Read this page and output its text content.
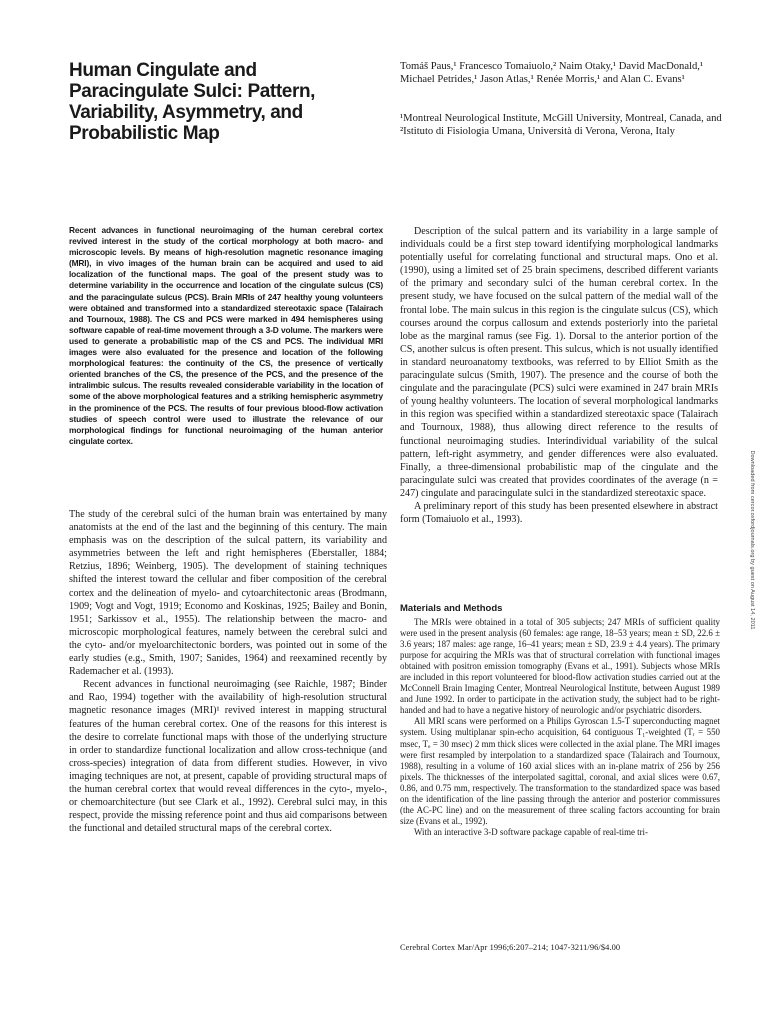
Human Cingulate and Paracingulate Sulci: Pattern, Variability, Asymmetry, and Probabilistic Map
Tomáš Paus,¹ Francesco Tomaiuolo,² Naim Otaky,¹ David MacDonald,¹ Michael Petrides,¹ Jason Atlas,¹ Renée Morris,¹ and Alan C. Evans¹
¹Montreal Neurological Institute, McGill University, Montreal, Canada, and ²Istituto di Fisiologia Umana, Università di Verona, Verona, Italy
Recent advances in functional neuroimaging of the human cerebral cortex revived interest in the study of the cortical morphology at both macro- and microscopic levels. By means of high-resolution magnetic resonance imaging (MRI), in vivo images of the human brain can be acquired and used to aid localization of the functional maps. The goal of the present study was to determine variability in the occurrence and location of the cingulate sulcus (CS) and the paracingulate sulcus (PCS). Brain MRIs of 247 healthy young volunteers were obtained and transformed into a standardized stereotaxic space (Talairach and Tournoux, 1988). The CS and PCS were marked in 494 hemispheres using software capable of real-time movement through a 3-D volume. The markers were used to generate a probabilistic map of the CS and PCS. The individual MRI images were also evaluated for the presence and location of the following morphological features: the continuity of the CS, the presence of vertically oriented branches of the CS, the presence of the PCS, and the presence of the intralimbic sulcus. The results revealed considerable variability in the location of some of the above morphological features and a striking hemispheric asymmetry in the prominence of the PCS. The results of four previous blood-flow activation studies of speech control were used to illustrate the relevance of our morphological findings for functional neuroimaging of the human anterior cingulate cortex.

The study of the cerebral sulci of the human brain was entertained by many anatomists at the end of the last and the beginning of this century. The main emphasis was on the description of the sulcal pattern, its variability and asymmetries between the left and right hemispheres (Eberstaller, 1884; Retzius, 1896; Weinberg, 1905). The development of staining techniques shifted the interest toward the cellular and fiber composition of the cerebral cortex and the delineation of myelo- and cytoarchitectonic areas (Brodmann, 1909; Vogt and Vogt, 1919; Economo and Koskinas, 1925; Bailey and Bonin, 1951; Sarkissov et al., 1955). The relationship between the macro- and microscopic morphological features, namely between the cerebral sulci and the cyto- and/or myeloarchitectonic borders, was pointed out in some of the early studies (e.g., Smith, 1907; Sanides, 1964) and reexamined recently by Rademacher et al. (1993).

Recent advances in functional neuroimaging (see Raichle, 1987; Binder and Rao, 1994) together with the availability of high-resolution structural magnetic resonance images (MRI)¹ revived interest in mapping structural features of the human cerebral cortex. One of the reasons for this interest is the desire to correlate functional maps with those of the underlying structure in order to standardize functional localization and allow cross-technique (and cross-species) integration of data from different studies. However, in vivo imaging techniques are not, at present, capable of providing structural maps of the human cerebral cortex that would reveal differences in the cyto-, myelo-, or chemoarchitecture (but see Clark et al., 1992). Cerebral sulci may, in this respect, provide the missing reference point and thus aid comparisons between the functional and detailed structural maps of the cerebral cortex.

Description of the sulcal pattern and its variability in a large sample of individuals could be a first step toward identifying morphological landmarks potentially useful for correlating functional and structural maps. Ono et al. (1990), using a limited set of 25 brain specimens, described different variants of the primary and secondary sulci of the human cerebral cortex. In the present study, we have focused on the sulcal pattern of the medial wall of the frontal lobe. The main sulcus in this region is the cingulate sulcus (CS), which courses around the corpus callosum and extends posteriorly into the parietal lobe as the marginal ramus (see Fig. 1). Dorsal to the anterior portion of the CS, another sulcus is often present. This sulcus, which is not usually identified in standard neuroanatomy textbooks, was referred to by Elliot Smith as the paracingulate sulcus (Smith, 1907). The presence and the course of both the cingulate and the paracingulate (PCS) sulci were examined in 247 brain MRIs of young healthy volunteers. The location of several morphological landmarks in this region was specified within a standardized stereotaxic space (Talairach and Tournoux, 1988), thus allowing direct reference to the results of functional neuroimaging studies. Interindividual variability of the sulcal pattern, left-right asymmetry, and gender differences were also evaluated. Finally, a three-dimensional probabilistic map of the cingulate and the paracingulate sulci was created that provides coordinates of the average (n = 247) cingulate and paracingulate sulci in the standardized stereotaxic space.

A preliminary report of this study has been presented elsewhere in abstract form (Tomaiuolo et al., 1993).

Materials and Methods

The MRIs were obtained in a total of 305 subjects; 247 MRIs of sufficient quality were used in the present analysis (60 females: age range, 18–53 years; mean ± SD, 22.6 ± 3.6 years; 187 males: age range, 16–41 years; mean ± SD, 23.9 ± 4.4 years). The primary purpose for acquiring the MRIs was that of structural correlation with functional images obtained with positron emission tomography (Evans et al., 1991). Subjects whose MRIs are included in this report volunteered for blood-flow activation studies carried out at the McConnell Brain Imaging Center, Montreal Neurological Institute, between August 1989 and June 1992. In order to participate in the activation study, the subject had to be right-handed and had to have a negative history of neurologic and/or psychiatric disorders.

All MRI scans were performed on a Philips Gyroscan 1.5-T superconducting magnet system. Using multiplanar spin-echo acquisition, 64 contiguous T₁-weighted (Tᵣ = 550 msec, Tₑ = 30 msec) 2 mm thick slices were collected in the axial plane. The MRI images were first resampled by interpolation to a standardized space (Talairach and Tournoux, 1988), resulting in a volume of 160 axial slices with an in-plane matrix of 256 by 256 pixels. The thicknesses of the interpolated sagittal, coronal, and axial slices were 0.67, 0.86, and 0.75 mm, respectively. The transformation to the standardized space was based on the identification of the line passing through the anterior and posterior commissures (the AC-PC line) and on the measurement of three scaling factors accounting for brain size (Evans et al., 1992).

With an interactive 3-D software package capable of real-time tri-

Cerebral Cortex Mar/Apr 1996;6:207–214; 1047-3211/96/$4.00
Downloaded from cercor.oxfordjournals.org by guest on August 14, 2011
